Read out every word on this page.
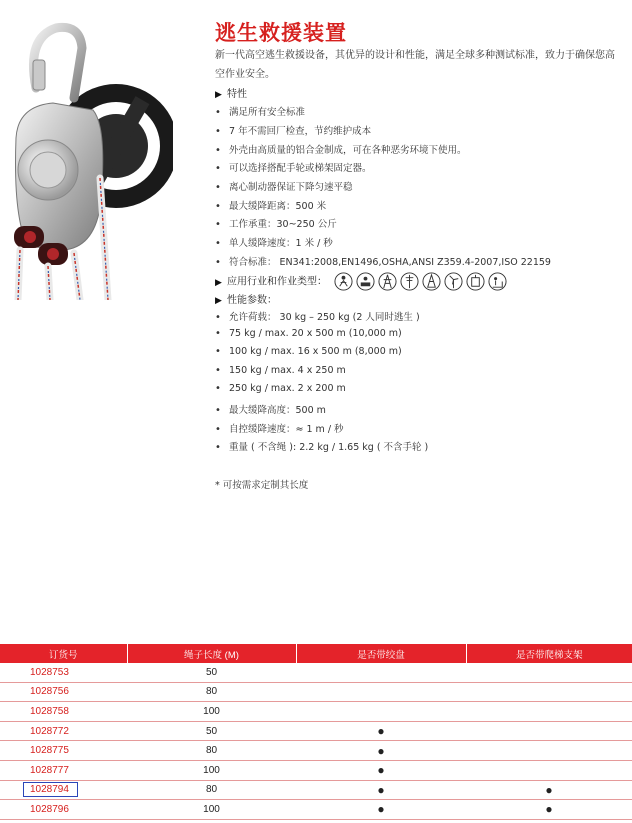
逃生救援装置
新一代高空逃生救援设备，其优异的设计和性能，满足全球多种测试标准，致力于确保您高空作业安全。
▶ 特性
• 满足所有安全标准
• 7 年不需回厂检查，节约维护成本
• 外壳由高质量的铝合金制成，可在各种恶劣环境下使用。
• 可以选择搭配手轮或梯架固定器。
• 离心制动器保证下降匀速平稳
• 最大缓降距离：500 米
• 工作承重：30~250 公斤
• 单人缓降速度：1 米 / 秒
• 符合标准： EN341:2008,EN1496,OSHA,ANSI Z359.4-2007,ISO 22159
▶ 应用行业和作业类型：
▶ 性能参数：
• 允许荷载： 30 kg – 250 kg (2 人同时逃生 )
• 75 kg / max. 20 x 500 m (10,000 m)
• 100 kg / max. 16 x 500 m (8,000 m)
• 150 kg / max. 4 x 250 m
• 250 kg / max. 2 x 200 m
• 最大缓降高度：500 m
• 自控缓降速度：≈ 1 m / 秒
• 重量 ( 不含绳 ): 2.2 kg / 1.65 kg ( 不含手轮 )
* 可按需求定制其长度
订货号	绳子长度 (M)	是否带绞盘	是否带爬梯支架
1028753	50		
1028756	80		
1028758	100		
1028772	50	●	
1028775	80	●	
1028777	100	●	
1028794	80	●	●
1028796	100	●	●
